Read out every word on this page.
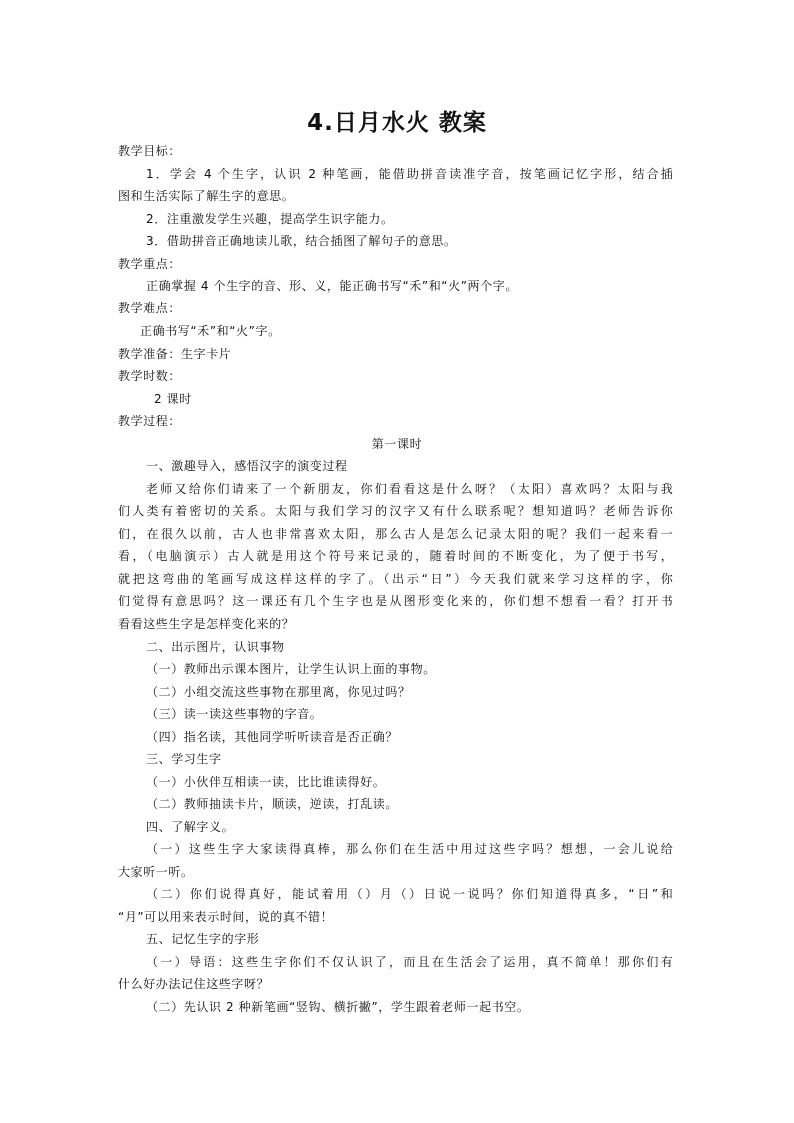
4.日月水火 教案
教学目标：
1．学会 4 个生字，认识 2 种笔画，能借助拼音读准字音，按笔画记忆字形，结合插
图和生活实际了解生字的意思。
2．注重激发学生兴趣，提高学生识字能力。
3．借助拼音正确地读儿歌，结合插图了解句子的意思。
教学重点：
正确掌握 4 个生字的音、形、义，能正确书写“禾”和“火”两个字。
教学难点：
正确书写“禾”和“火”字。
教学准备：生字卡片
教学时数：
2 课时
教学过程：
第一课时
一、激趣导入，感悟汉字的演变过程
老师又给你们请来了一个新朋友，你们看看这是什么呀？（太阳）喜欢吗？太阳与我
们人类有着密切的关系。太阳与我们学习的汉字又有什么联系呢？想知道吗？老师告诉你
们，在很久以前，古人也非常喜欢太阳，那么古人是怎么记录太阳的呢？我们一起来看一
看，（电脑演示）古人就是用这个符号来记录的，随着时间的不断变化，为了便于书写，
就把这弯曲的笔画写成这样这样的字了。（出示“日”）今天我们就来学习这样的字，你
们觉得有意思吗？这一课还有几个生字也是从图形变化来的，你们想不想看一看？打开书
看看这些生字是怎样变化来的？
二、出示图片，认识事物
（一）教师出示课本图片，让学生认识上面的事物。
（二）小组交流这些事物在那里离，你见过吗？
（三）读一读这些事物的字音。
（四）指名读，其他同学听听读音是否正确？
三、学习生字
（一）小伙伴互相读一读，比比谁读得好。
（二）教师抽读卡片，顺读，逆读，打乱读。
四、了解字义。
（一）这些生字大家读得真棒，那么你们在生活中用过这些字吗？想想，一会儿说给
大家听一听。
（二）你们说得真好，能试着用（）月（）日说一说吗？你们知道得真多，“日”和
“月”可以用来表示时间，说的真不错！
五、记忆生字的字形
（一）导语：这些生字你们不仅认识了，而且在生活会了运用，真不简单！那你们有
什么好办法记住这些字呀？
（二）先认识 2 种新笔画“竖钩、横折撇”，学生跟着老师一起书空。
